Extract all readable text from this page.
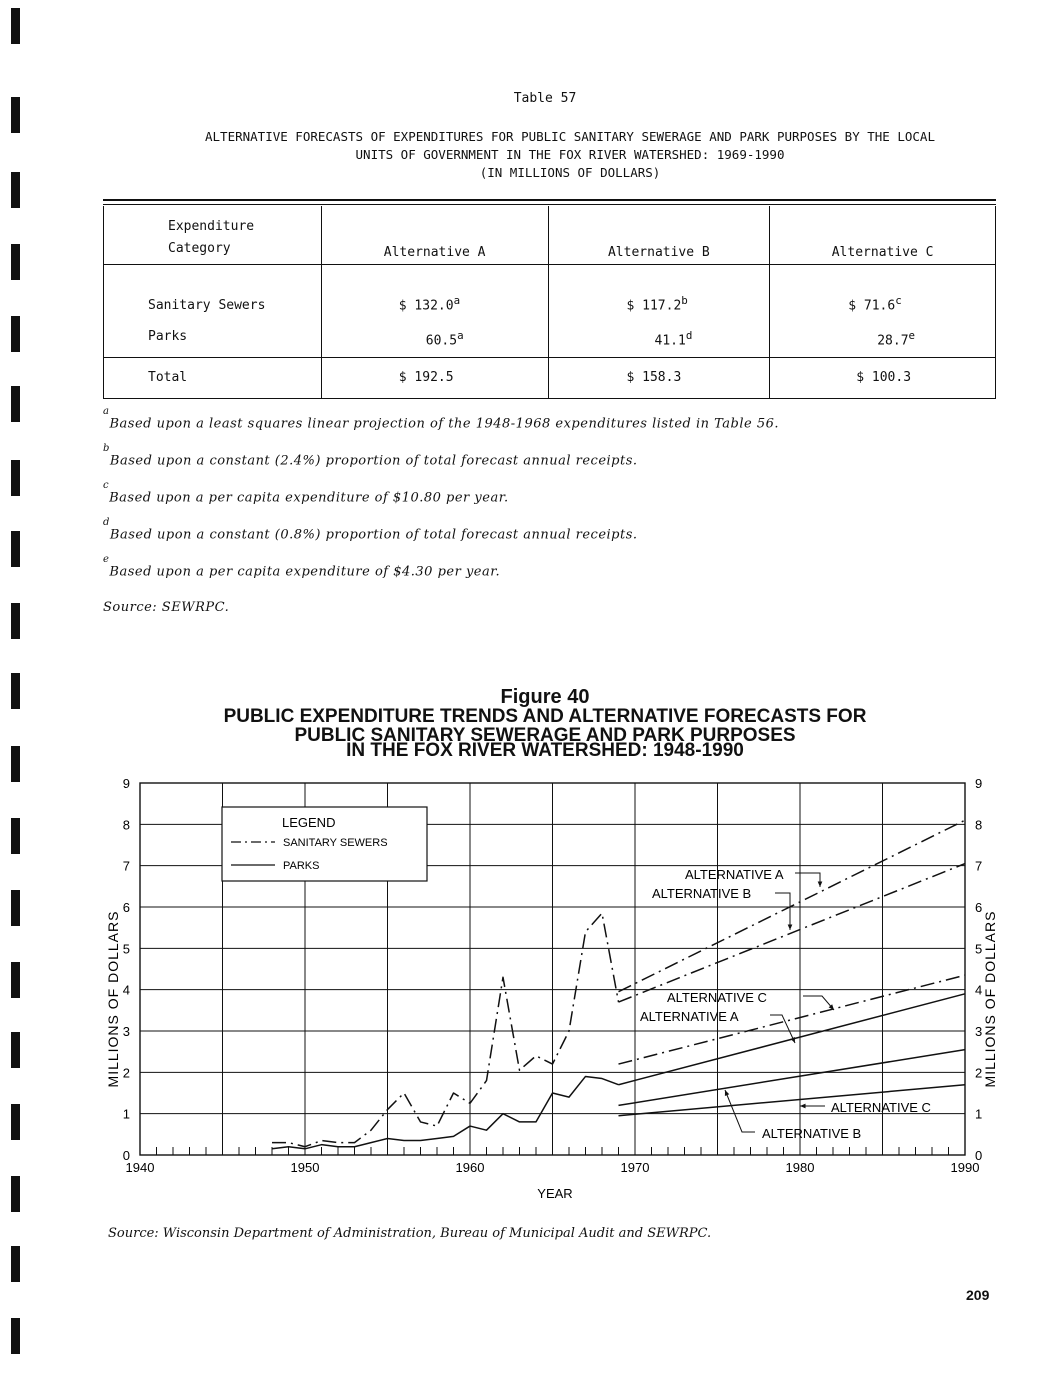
Table 57
ALTERNATIVE FORECASTS OF EXPENDITURES FOR PUBLIC SANITARY SEWERAGE AND PARK PURPOSES BY THE LOCAL
UNITS OF GOVERNMENT IN THE FOX RIVER WATERSHED: 1969-1990
(IN MILLIONS OF DOLLARS)
Expenditure
Category	Alternative A	Alternative B	Alternative C

Sanitary Sewers	$ 132.0$^a$	$ 117.2$^b$	$ 71.6$^c$
Parks	60.5$^a$	41.1$^d$	28.7e

Total	$ 192.5	$ 158.3	$ 100.3
$^a$Based upon a least squares linear projection of the 1948-1968 expenditures listed in Table 56.
$^b$Based upon a constant (2.4%) proportion of total forecast annual receipts.
$^c$Based upon a per capita expenditure of $10.80 per year.
$^d$Based upon a constant (0.8%) proportion of total forecast annual receipts.
$^e$Based upon a per capita expenditure of $4.30 per year.
Source: SEWRPC.
Figure 40
PUBLIC EXPENDITURE TRENDS AND ALTERNATIVE FORECASTS FOR
PUBLIC SANITARY SEWERAGE AND PARK PURPOSES
IN THE FOX RIVER WATERSHED: 1948-1990
1940	1950	1960	1970	1980	1990
0	0
1	1
2	2
3	3
4	4
5	5
6	6
7	7
8	8
9	9
MILLIONS OF DOLLARS	MILLIONS OF DOLLARS
ALTERNATIVE A
ALTERNATIVE B
ALTERNATIVE C
ALTERNATIVE A
ALTERNATIVE C
ALTERNATIVE B
LEGEND
SANITARY SEWERS
PARKS
YEAR
Source: Wisconsin Department of Administration, Bureau of Municipal Audit and SEWRPC.
209
